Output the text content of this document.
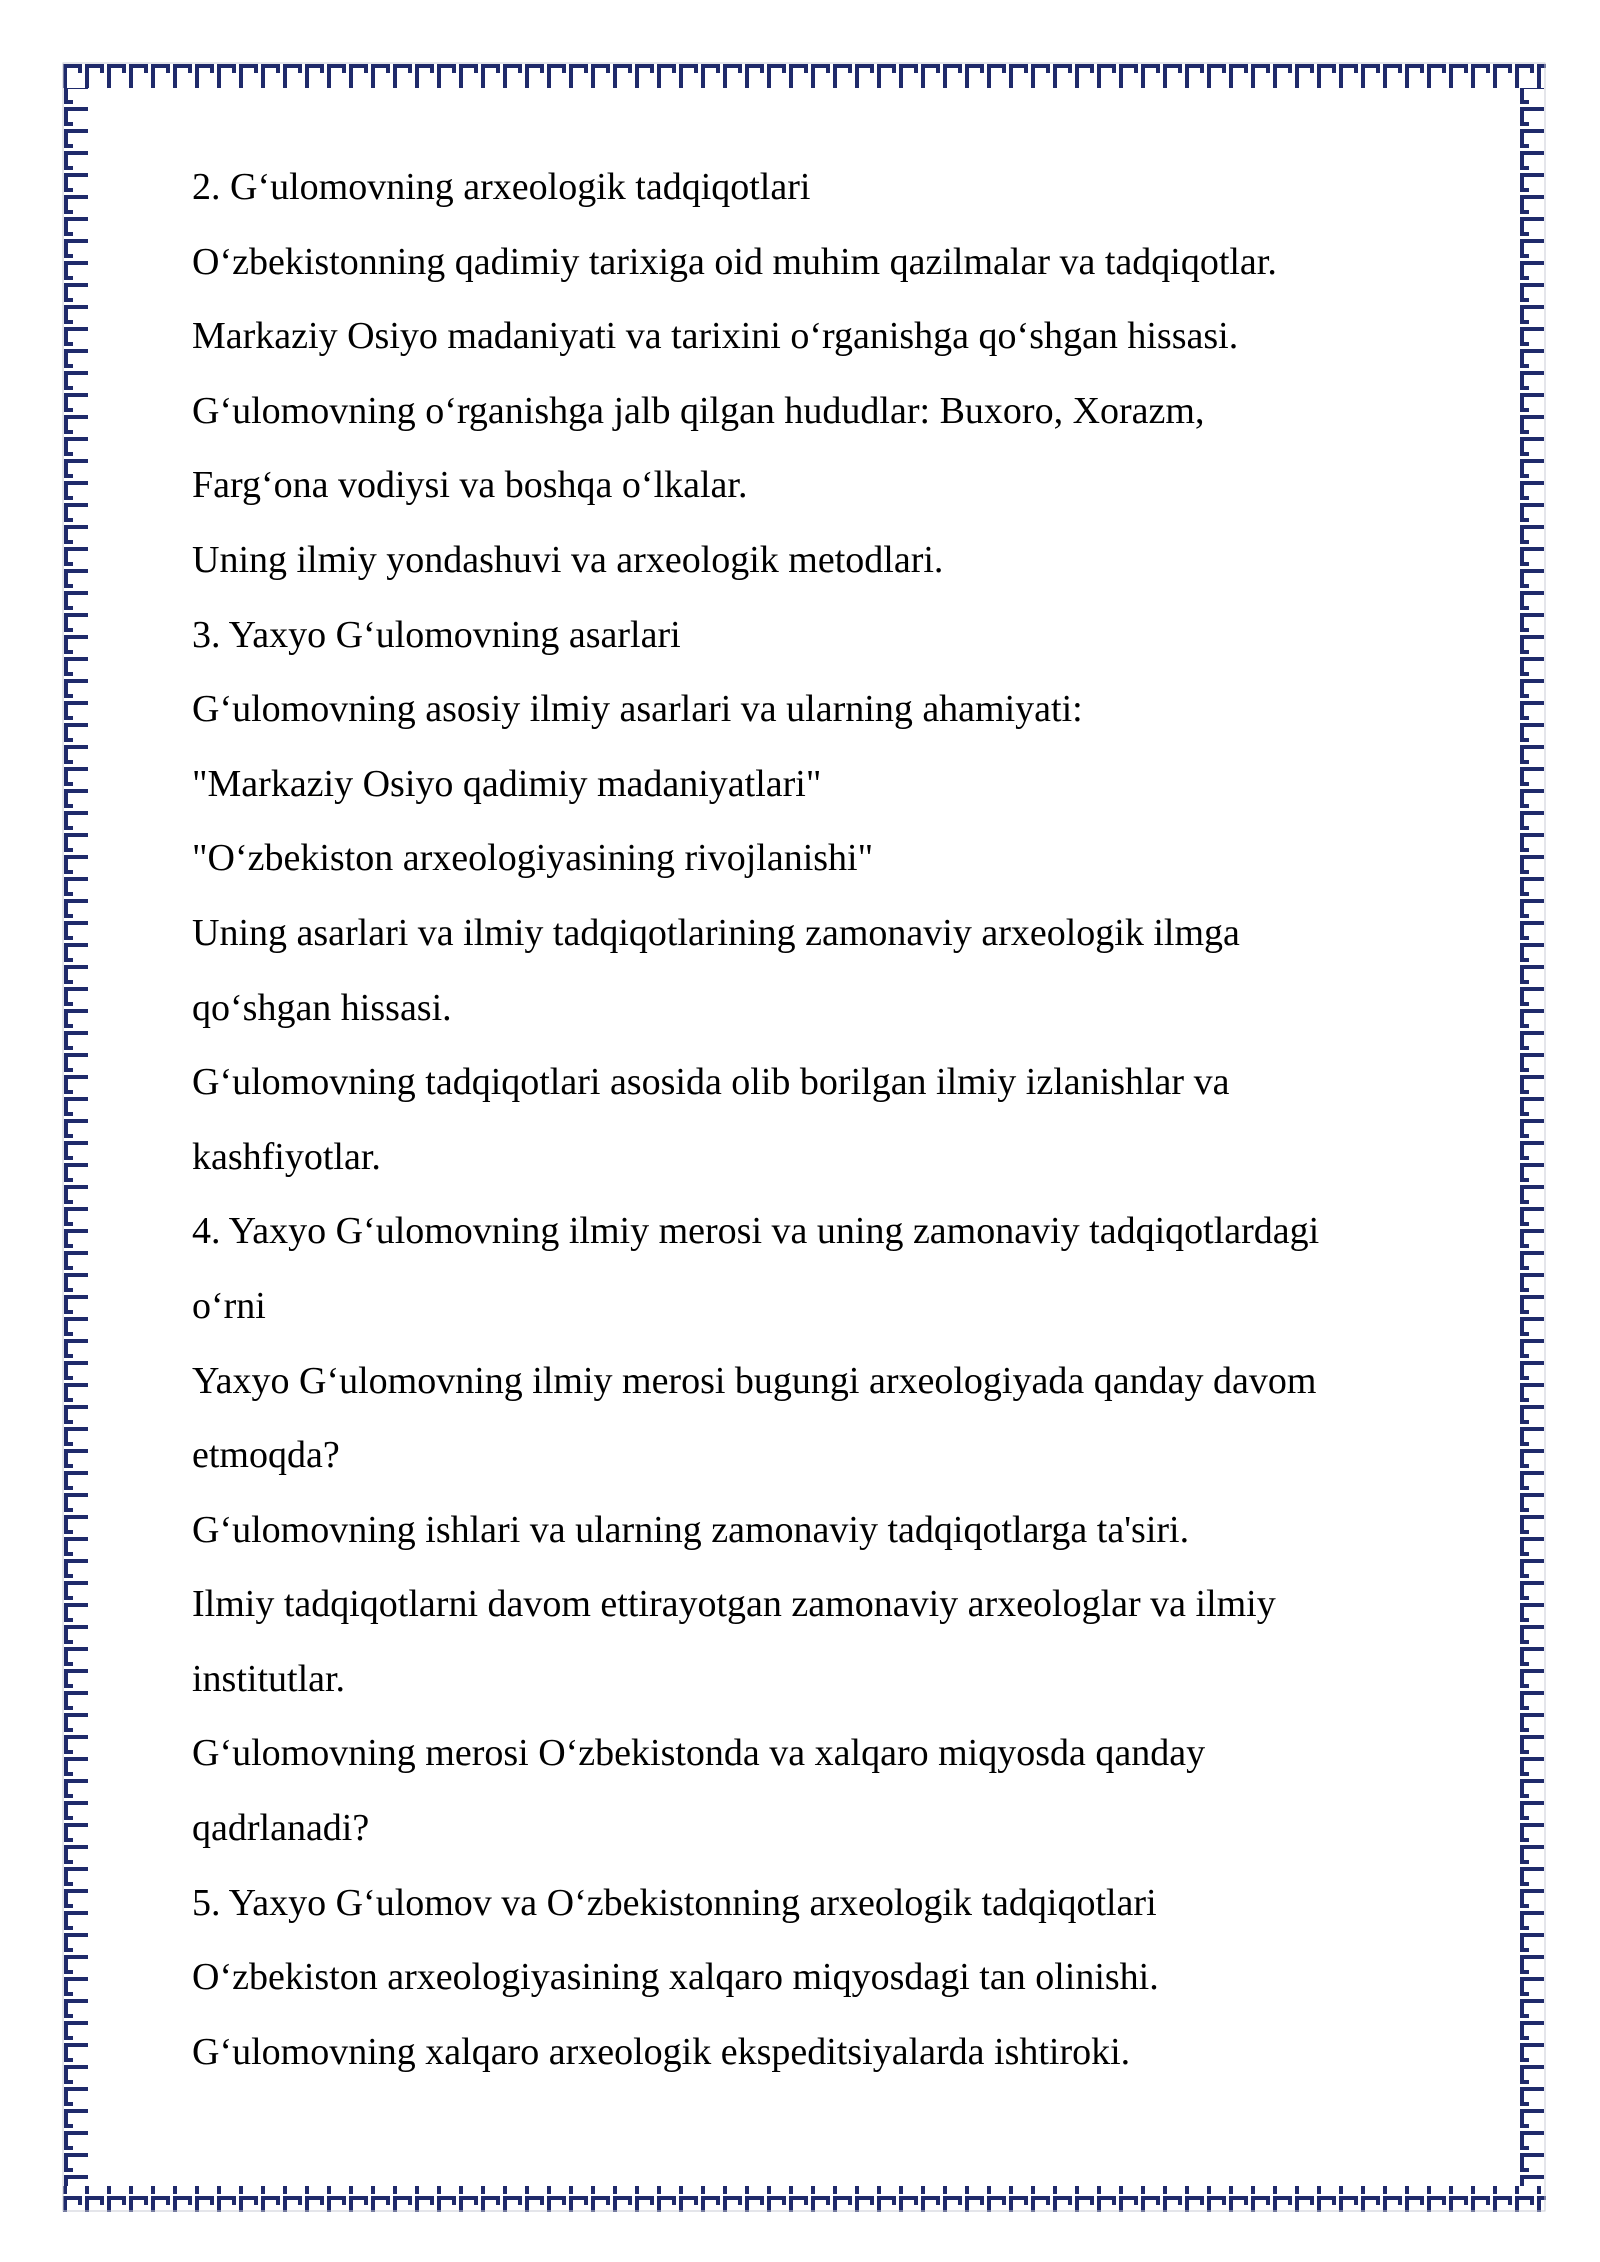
2. G‘ulomovning arxeologik tadqiqotlari
O‘zbekistonning qadimiy tarixiga oid muhim qazilmalar va tadqiqotlar.
Markaziy Osiyo madaniyati va tarixini o‘rganishga qo‘shgan hissasi.
G‘ulomovning o‘rganishga jalb qilgan hududlar: Buxoro, Xorazm,
Farg‘ona vodiysi va boshqa o‘lkalar.
Uning ilmiy yondashuvi va arxeologik metodlari.
3. Yaxyo G‘ulomovning asarlari
G‘ulomovning asosiy ilmiy asarlari va ularning ahamiyati:
"Markaziy Osiyo qadimiy madaniyatlari"
"O‘zbekiston arxeologiyasining rivojlanishi"
Uning asarlari va ilmiy tadqiqotlarining zamonaviy arxeologik ilmga
qo‘shgan hissasi.
G‘ulomovning tadqiqotlari asosida olib borilgan ilmiy izlanishlar va
kashfiyotlar.
4. Yaxyo G‘ulomovning ilmiy merosi va uning zamonaviy tadqiqotlardagi
o‘rni
Yaxyo G‘ulomovning ilmiy merosi bugungi arxeologiyada qanday davom
etmoqda?
G‘ulomovning ishlari va ularning zamonaviy tadqiqotlarga ta'siri.
Ilmiy tadqiqotlarni davom ettirayotgan zamonaviy arxeologlar va ilmiy
institutlar.
G‘ulomovning merosi O‘zbekistonda va xalqaro miqyosda qanday
qadrlanadi?
5. Yaxyo G‘ulomov va O‘zbekistonning arxeologik tadqiqotlari
O‘zbekiston arxeologiyasining xalqaro miqyosdagi tan olinishi.
G‘ulomovning xalqaro arxeologik ekspeditsiyalarda ishtiroki.
